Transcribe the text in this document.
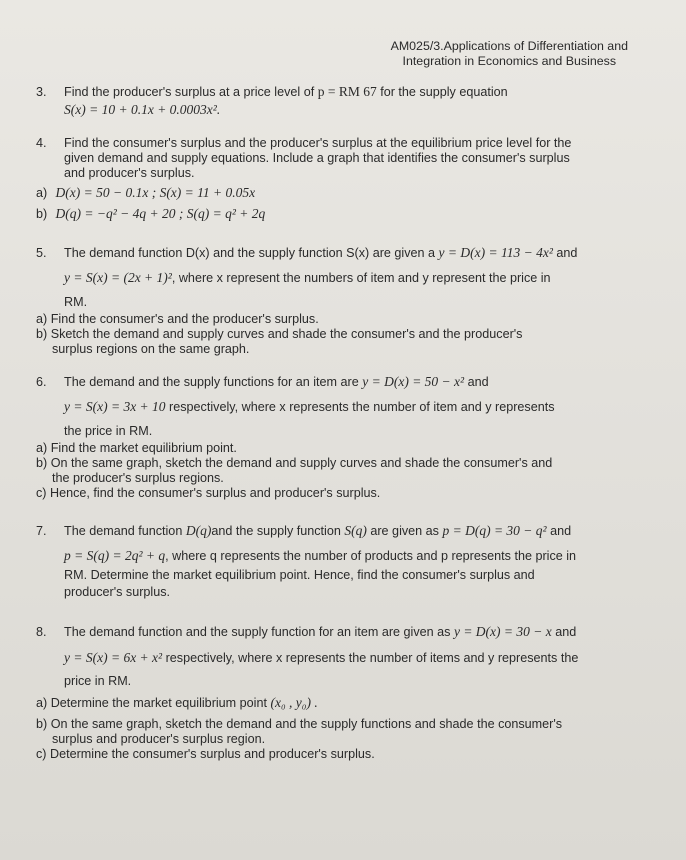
AM025/3.Applications of Differentiation and
Integration in Economics and Business
3. Find the producer's surplus at a price level of p = RM 67 for the supply equation
S(x) = 10 + 0.1x + 0.0003x².
4. Find the consumer's surplus and the producer's surplus at the equilibrium price level for the
given demand and supply equations. Include a graph that identifies the consumer's surplus
and producer's surplus.
a) D(x) = 50 − 0.1x ; S(x) = 11 + 0.05x
b) D(q) = −q² − 4q + 20 ; S(q) = q² + 2q
5. The demand function D(x) and the supply function S(x) are given a y = D(x) = 113 − 4x² and
y = S(x) = (2x + 1)², where x represent the numbers of item and y represent the price in
RM.
a) Find the consumer's and the producer's surplus.
b) Sketch the demand and supply curves and shade the consumer's and the producer's
surplus regions on the same graph.
6. The demand and the supply functions for an item are y = D(x) = 50 − x² and
y = S(x) = 3x + 10 respectively, where x represents the number of item and y represents
the price in RM.
a) Find the market equilibrium point.
b) On the same graph, sketch the demand and supply curves and shade the consumer's and
the producer's surplus regions.
c) Hence, find the consumer's surplus and producer's surplus.
7. The demand function D(q)and the supply function S(q) are given as p = D(q) = 30 − q² and
p = S(q) = 2q² + q, where q represents the number of products and p represents the price in
RM. Determine the market equilibrium point. Hence, find the consumer's surplus and
producer's surplus.
8. The demand function and the supply function for an item are given as y = D(x) = 30 − x and
y = S(x) = 6x + x² respectively, where x represents the number of items and y represents the
price in RM.
a) Determine the market equilibrium point (x₀ , y₀) .
b) On the same graph, sketch the demand and the supply functions and shade the consumer's
surplus and producer's surplus region.
c) Determine the consumer's surplus and producer's surplus.
